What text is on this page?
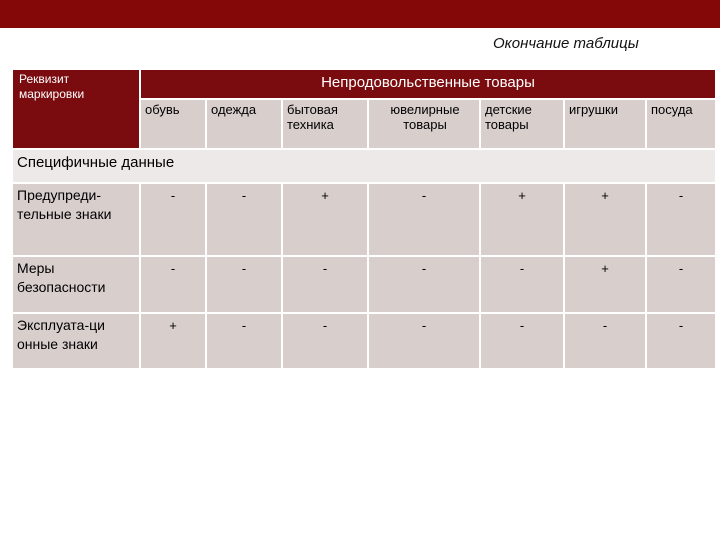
Окончание таблицы
Реквизит маркировки	Непродовольственные товары						
	обувь	одежда	бытовая техника	ювелирные товары	детские товары	игрушки	посуда
Специфичные данные							
Предупреди-тельные знаки	-	-	+	-	+	+	-
Меры безопасности	-	-	-	-	-	+	-
Эксплуата-ци онные знаки	+	-	-	-	-	-	-
